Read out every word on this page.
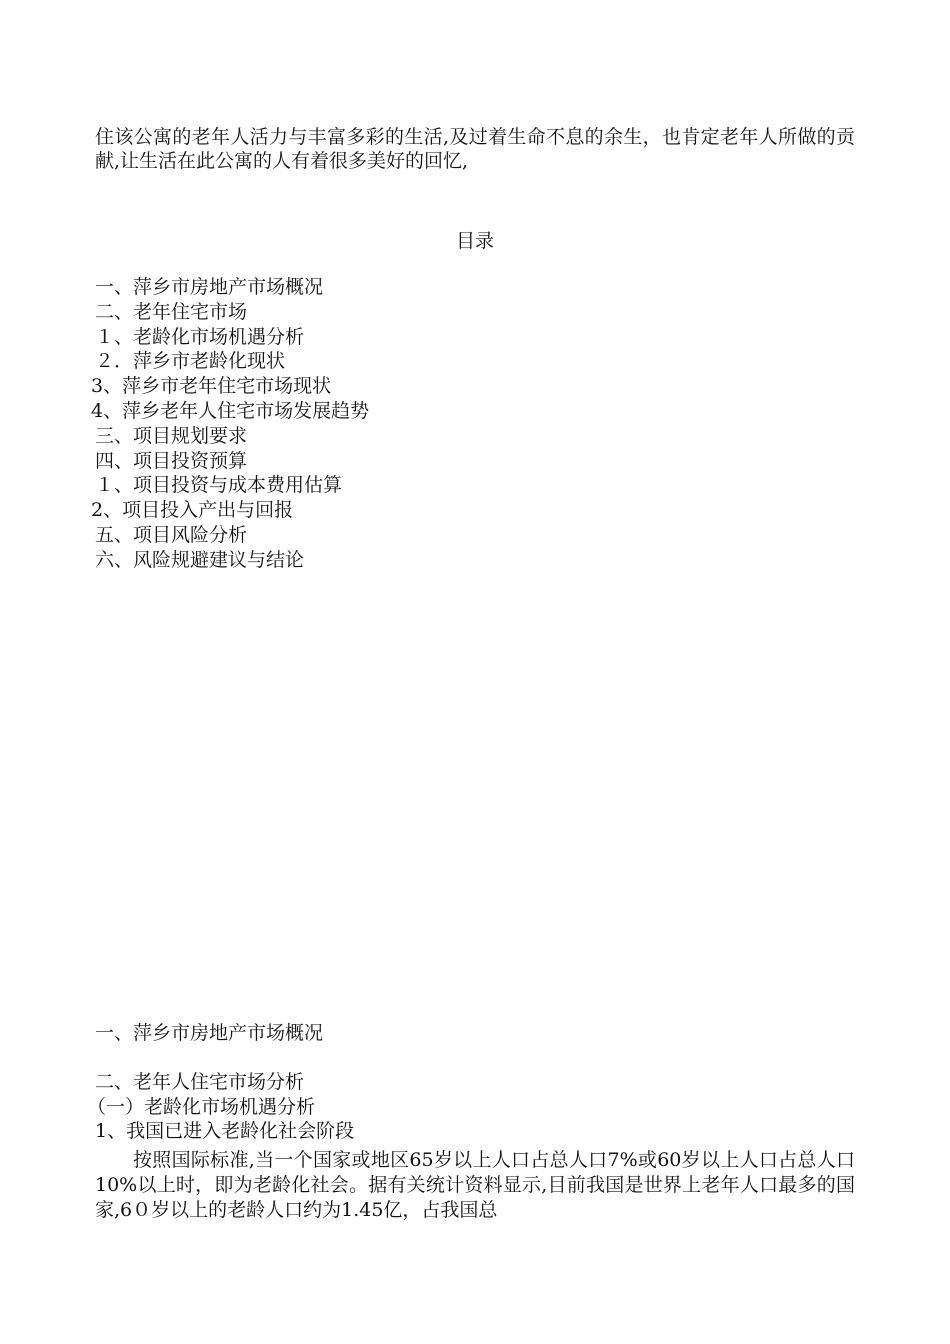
住该公寓的老年人活力与丰富多彩的生活,及过着生命不息的余生，也肯定老年人所做的贡献,让生活在此公寓的人有着很多美好的回忆,

目录
一、萍乡市房地产市场概况
二、老年住宅市场
１、老龄化市场机遇分析
２．萍乡市老龄化现状
3、萍乡市老年住宅市场现状
4、萍乡老年人住宅市场发展趋势
三、项目规划要求
四、项目投资预算
１、项目投资与成本费用估算
2、项目投入产出与回报
五、项目风险分析
六、风险规避建议与结论
一、萍乡市房地产市场概况
二、老年人住宅市场分析
（一）老龄化市场机遇分析
1、我国已进入老龄化社会阶段

按照国际标准,当一个国家或地区65岁以上人口占总人口7%或60岁以上人口占总人口10%以上时，即为老龄化社会。据有关统计资料显示,目前我国是世界上老年人口最多的国家,6０岁以上的老龄人口约为1.45亿，占我国总
